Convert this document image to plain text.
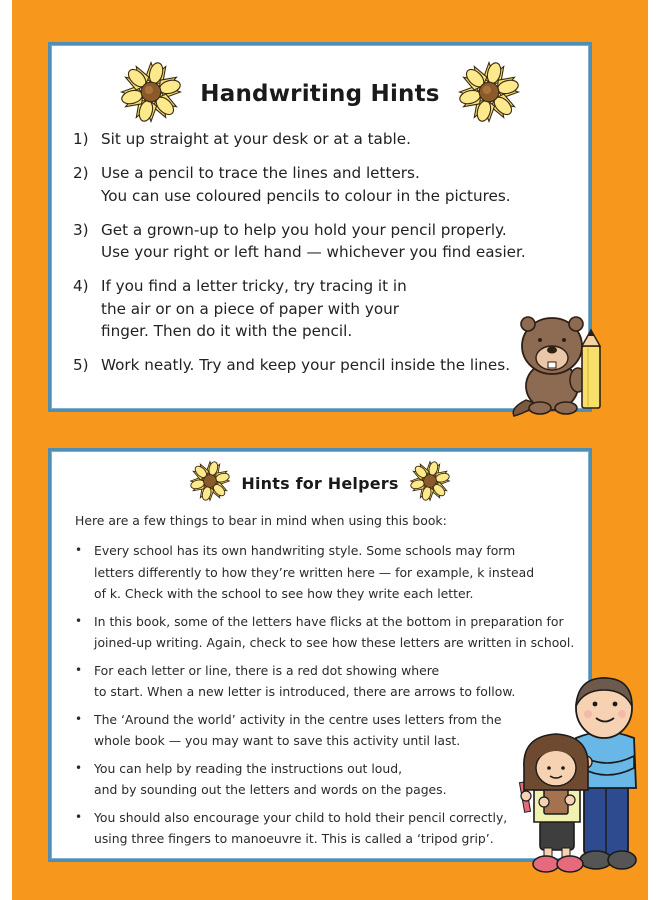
Handwriting Hints
1) Sit up straight at your desk or at a table.
2) Use a pencil to trace the lines and letters.
You can use coloured pencils to colour in the pictures.
3) Get a grown-up to help you hold your pencil properly.
Use your right or left hand — whichever you find easier.
4) If you find a letter tricky, try tracing it in
the air or on a piece of paper with your
finger. Then do it with the pencil.
5) Work neatly. Try and keep your pencil inside the lines.
Hints for Helpers
Here are a few things to bear in mind when using this book:
• Every school has its own handwriting style. Some schools may form
letters differently to how they’re written here — for example, k instead
of k. Check with the school to see how they write each letter.
• In this book, some of the letters have flicks at the bottom in preparation for
joined-up writing. Again, check to see how these letters are written in school.
• For each letter or line, there is a red dot showing where
to start. When a new letter is introduced, there are arrows to follow.
• The ‘Around the world’ activity in the centre uses letters from the
whole book — you may want to save this activity until last.
• You can help by reading the instructions out loud,
and by sounding out the letters and words on the pages.
• You should also encourage your child to hold their pencil correctly,
using three fingers to manoeuvre it. This is called a ‘tripod grip’.
